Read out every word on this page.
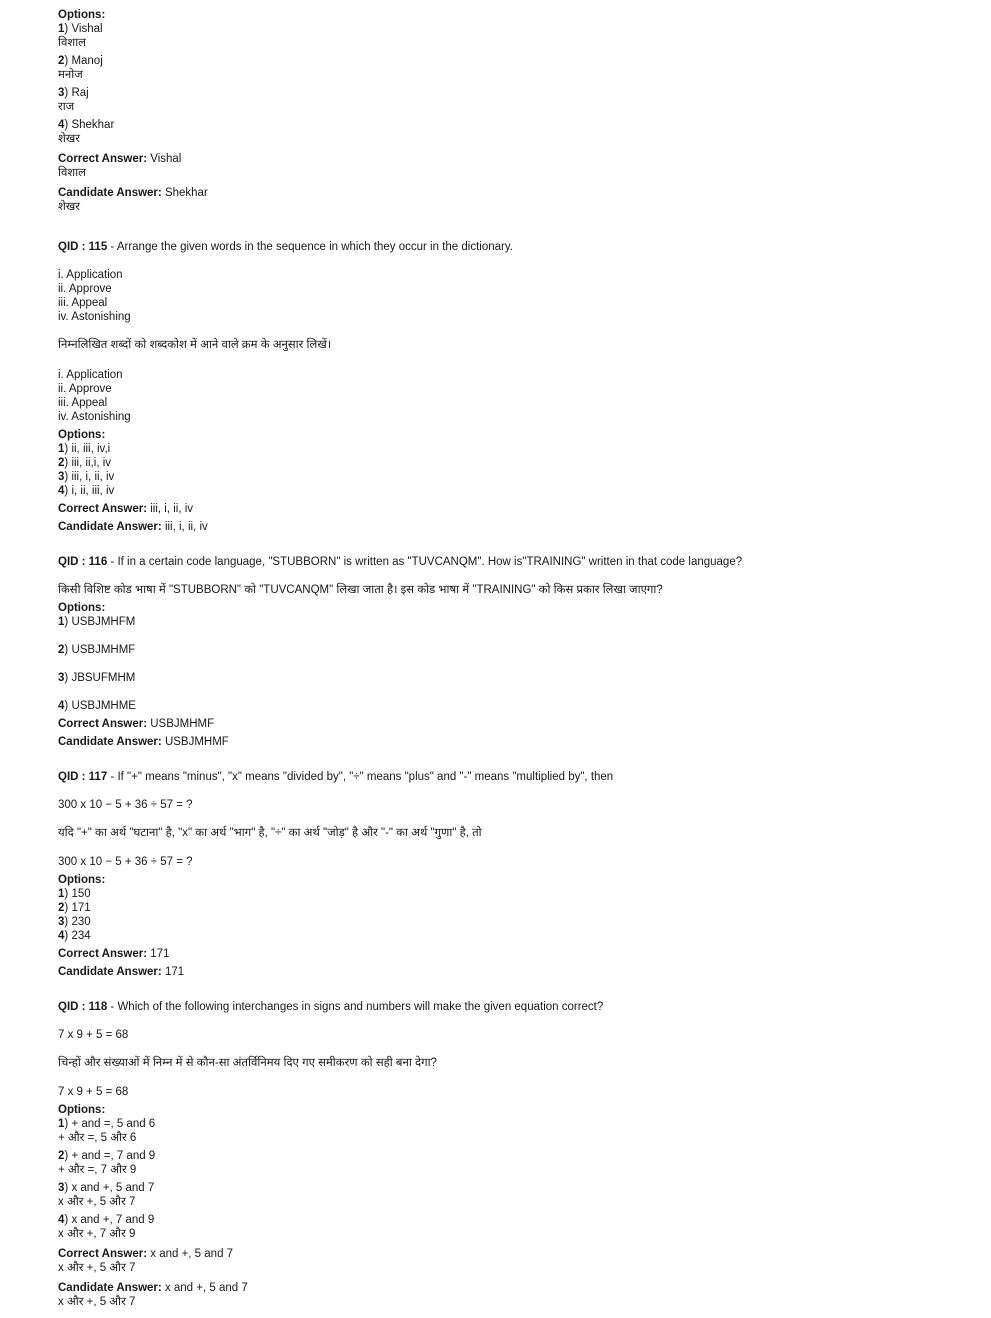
Options:
1) Vishal
विशाल
2) Manoj
मनोज
3) Raj
राज
4) Shekhar
शेखर
Correct Answer: Vishal
विशाल
Candidate Answer: Shekhar
शेखर
QID : 115 - Arrange the given words in the sequence in which they occur in the dictionary.
i. Application
ii. Approve
iii. Appeal
iv. Astonishing
निम्नलिखित शब्दों को शब्दकोश में आने वाले क्रम के अनुसार लिखें।
i. Application
ii. Approve
iii. Appeal
iv. Astonishing
Options:
1) ii, iii, iv,i
2) iii, ii,i, iv
3) iii, i, ii, iv
4) i, ii, iii, iv
Correct Answer: iii, i, ii, iv
Candidate Answer: iii, i, ii, iv
QID : 116 - If in a certain code language, "STUBBORN" is written as "TUVCANQM". How is"TRAINING" written in that code language?
किसी विशिष्ट कोड भाषा में "STUBBORN" को "TUVCANQM" लिखा जाता है। इस कोड भाषा में "TRAINING" को किस प्रकार लिखा जाएगा?
Options:
1) USBJMHFM
2) USBJMHMF
3) JBSUFMHM
4) USBJMHME
Correct Answer: USBJMHMF
Candidate Answer: USBJMHMF
QID : 117 - If "+" means "minus", "x" means "divided by", "÷" means "plus" and "-" means "multiplied by", then
300 x 10 − 5 + 36 ÷ 57 = ?
यदि "+" का अर्थ "घटाना" है, "x" का अर्थ "भाग" है, "÷" का अर्थ "जोड़" है और "-" का अर्थ "गुणा" है, तो
300 x 10 − 5 + 36 ÷ 57 = ?
Options:
1) 150
2) 171
3) 230
4) 234
Correct Answer: 171
Candidate Answer: 171
QID : 118 - Which of the following interchanges in signs and numbers will make the given equation correct?
7 x 9 + 5 = 68
चिन्हों और संख्याओं में निम्न में से कौन-सा अंतर्विनिमय दिए गए समीकरण को सही बना देगा?
7 x 9 + 5 = 68
Options:
1) + and =, 5 and 6
+ और =, 5 और 6
2) + and =, 7 and 9
+ और =, 7 और 9
3) x and +, 5 and 7
x और +, 5 और 7
4) x and +, 7 and 9
x और +, 7 और 9
Correct Answer: x and +, 5 and 7
x और +, 5 और 7
Candidate Answer: x and +, 5 and 7
x और +, 5 और 7
